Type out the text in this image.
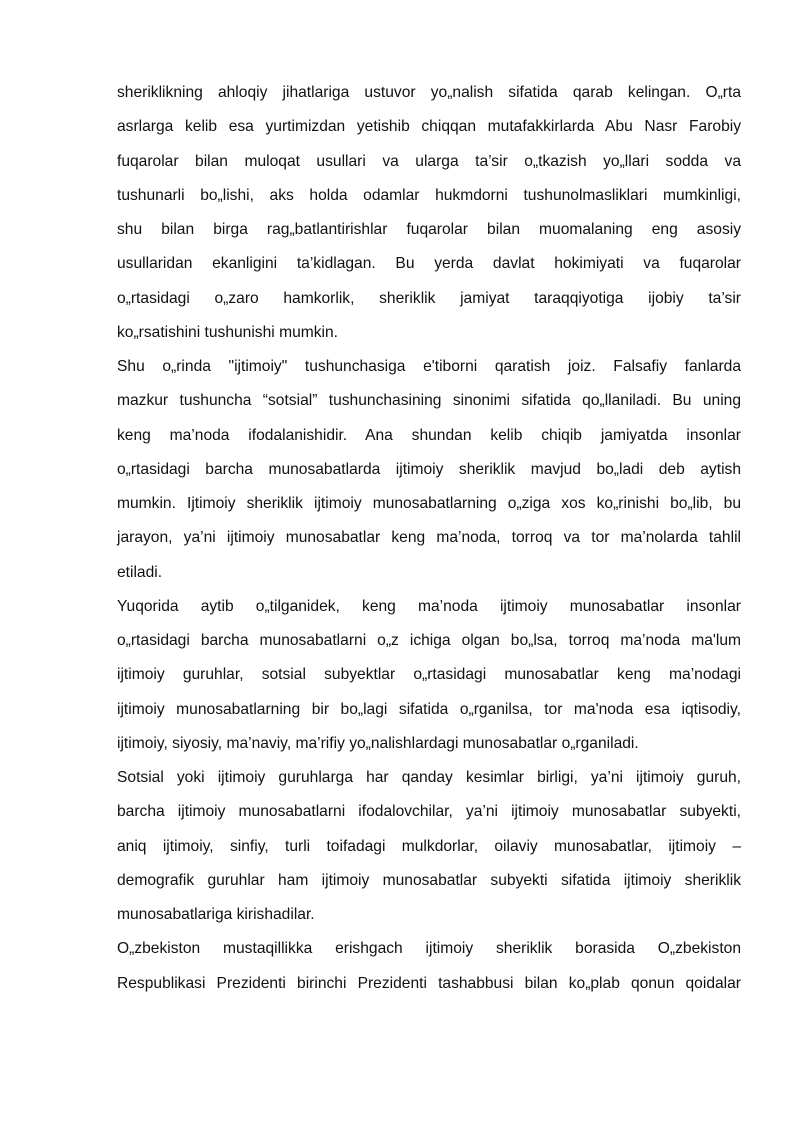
sheriklikning ahloqiy jihatlariga ustuvor yo„nalish sifatida qarab kelingan. O„rta
asrlarga kelib esa yurtimizdan yetishib chiqqan mutafakkirlarda Abu Nasr Farobiy
fuqarolar bilan muloqat usullari va ularga ta’sir o„tkazish yo„llari sodda va
tushunarli bo„lishi, aks holda odamlar hukmdorni tushunolmasliklari mumkinligi,
shu bilan birga rag„batlantirishlar fuqarolar bilan muomalaning eng asosiy
usullaridan ekanligini ta’kidlagan. Bu yerda davlat hokimiyati va fuqarolar
o„rtasidagi o„zaro hamkorlik, sheriklik jamiyat taraqqiyotiga ijobiy ta’sir
ko„rsatishini tushunishi mumkin.

Shu o„rinda "ijtimoiy" tushunchasiga e'tiborni qaratish joiz. Falsafiy fanlarda
mazkur tushuncha “sotsial” tushunchasining sinonimi sifatida qo„llaniladi. Bu uning
keng ma’noda ifodalanishidir. Ana shundan kelib chiqib jamiyatda insonlar
o„rtasidagi barcha munosabatlarda ijtimoiy sheriklik mavjud bo„ladi deb aytish
mumkin. Ijtimoiy sheriklik ijtimoiy munosabatlarning o„ziga xos ko„rinishi bo„lib, bu
jarayon, ya’ni ijtimoiy munosabatlar keng ma’noda, torroq va tor ma’nolarda tahlil
etiladi.

Yuqorida aytib o„tilganidek, keng ma’noda ijtimoiy munosabatlar insonlar
o„rtasidagi barcha munosabatlarni o„z ichiga olgan bo„lsa, torroq ma’noda ma'lum
ijtimoiy guruhlar, sotsial subyektlar o„rtasidagi munosabatlar keng ma’nodagi
ijtimoiy munosabatlarning bir bo„lagi sifatida o„rganilsa, tor ma'noda esa iqtisodiy,
ijtimoiy, siyosiy, ma’naviy, ma’rifiy yo„nalishlardagi munosabatlar o„rganiladi.

Sotsial yoki ijtimoiy guruhlarga har qanday kesimlar birligi, ya’ni ijtimoiy guruh,
barcha ijtimoiy munosabatlarni ifodalovchilar, ya’ni ijtimoiy munosabatlar subyekti,
aniq ijtimoiy, sinfiy, turli toifadagi mulkdorlar, oilaviy munosabatlar, ijtimoiy –
demografik guruhlar ham ijtimoiy munosabatlar subyekti sifatida ijtimoiy sheriklik
munosabatlariga kirishadilar.

O„zbekiston mustaqillikka erishgach ijtimoiy sheriklik borasida O„zbekiston
Respublikasi Prezidenti birinchi Prezidenti tashabbusi bilan ko„plab qonun qoidalar
